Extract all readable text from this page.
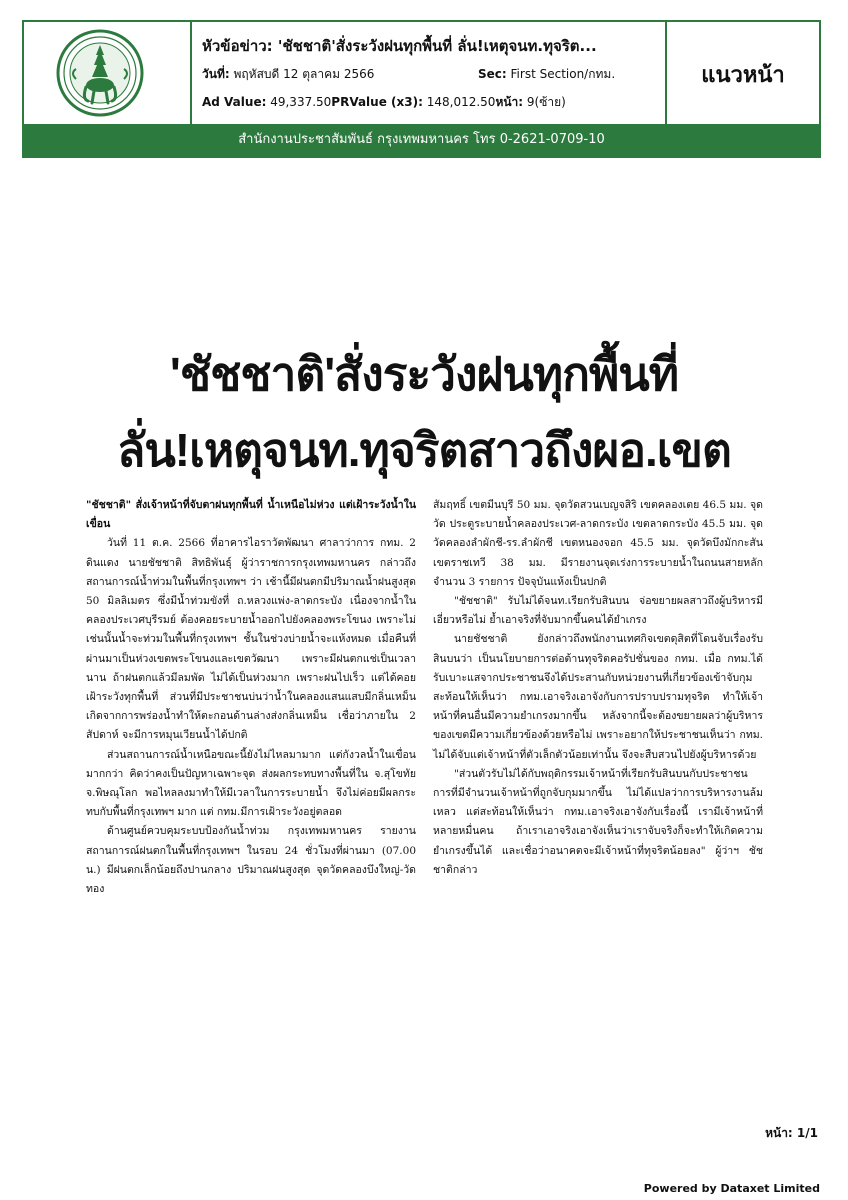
หัวข้อข่าว: 'ชัชชาติ'สั่งระวังฝนทุกพื้นที่ ลั่น!เหตุจนท.ทุจริต...
วันที่: พฤหัสบดี 12 ตุลาคม 2566	Sec: First Section/กทม.
Ad Value: 49,337.50PRValue (x3): 148,012.50หน้า: 9(ซ้าย)
แนวหน้า
สำนักงานประชาสัมพันธ์ กรุงเทพมหานคร โทร 0-2621-0709-10
'ชัชชาติ'สั่งระวังฝนทุกพื้นที่
ลั่น!เหตุจนท.ทุจริตสาวถึงผอ.เขต

"ชัชชาติ" สั่งเจ้าหน้าที่จับตาฝนทุกพื้นที่ น้ำเหนือไม่ห่วง แต่เฝ้าระวังน้ำในเขื่อน

วันที่ 11 ต.ค. 2566 ที่อาคารไอราวัตพัฒนา ศาลาว่าการ กทม. 2 ดินแดง นายชัชชาติ สิทธิพันธุ์ ผู้ว่าราชการกรุงเทพมหานคร กล่าวถึงสถานการณ์น้ำท่วมในพื้นที่กรุงเทพฯ ว่า เช้านี้มีฝนตกมีปริมาณน้ำฝนสูงสุด 50 มิลลิเมตร ซึ่งมีน้ำท่วมขังที่ ถ.หลวงแพ่ง-ลาดกระบัง เนื่องจากน้ำในคลองประเวศบุรีรมย์ ต้องคอยระบายน้ำออกไปยังคลองพระโขนง เพราะไม่เช่นนั้นน้ำจะท่วมในพื้นที่กรุงเทพฯ ชั้นในช่วงบ่ายน้ำจะแห้งหมด เมื่อคืนที่ผ่านมาเป็นห่วงเขตพระโขนงและเขตวัฒนา เพราะมีฝนตกแช่เป็นเวลานาน ถ้าฝนตกแล้วมีลมพัด ไม่ได้เป็นห่วงมาก เพราะฝนไปเร็ว แต่ได้คอยเฝ้าระวังทุกพื้นที่ ส่วนที่มีประชาชนบ่นว่าน้ำในคลองแสนแสบมีกลิ่นเหม็น เกิดจากการพร่องน้ำทำให้ตะกอนด้านล่างส่งกลิ่นเหม็น เชื่อว่าภายใน 2 สัปดาห์ จะมีการหมุนเวียนน้ำได้ปกติ

ส่วนสถานการณ์น้ำเหนือขณะนี้ยังไม่ไหลมามาก แต่กังวลน้ำในเขื่อนมากกว่า คิดว่าคงเป็นปัญหาเฉพาะจุด ส่งผลกระทบทางพื้นที่ใน จ.สุโขทัย จ.พิษณุโลก พอไหลลงมาทำให้มีเวลาในการระบายน้ำ จึงไม่ค่อยมีผลกระทบกับพื้นที่กรุงเทพฯ มาก แต่ กทม.มีการเฝ้าระวังอยู่ตลอด

ด้านศูนย์ควบคุมระบบป้องกันน้ำท่วม กรุงเทพมหานคร รายงานสถานการณ์ฝนตกในพื้นที่กรุงเทพฯ ในรอบ 24 ชั่วโมงที่ผ่านมา (07.00 น.) มีฝนตกเล็กน้อยถึงปานกลาง ปริมาณฝนสูงสุด จุดวัดคลองบึงใหญ่-วัดทอง

สัมฤทธิ์ เขตมีนบุรี 50 มม. จุดวัดสวนเบญจสิริ เขตคลองเตย 46.5 มม. จุดวัด ประตูระบายน้ำคลองประเวศ-ลาดกระบัง เขตลาดกระบัง 45.5 มม. จุดวัดคลองลำผักชี-รร.ลำผักชี เขตหนองจอก 45.5 มม. จุดวัดบึงมักกะสัน เขตราชเทวี 38 มม. มีรายงานจุดเร่งการระบายน้ำในถนนสายหลัก จำนวน 3 รายการ ปัจจุบันแห้งเป็นปกติ

"ชัชชาติ" รับไม่ได้จนท.เรียกรับสินบน จ่อขยายผลสาวถึงผู้บริหารมีเอี่ยวหรือไม่ ย้ำเอาจริงที่จับมากขึ้นคนได้ยำเกรง

นายชัชชาติ ยังกล่าวถึงพนักงานเทศกิจเขตดุสิตที่โดนจับเรื่องรับสินบนว่า เป็นนโยบายการต่อต้านทุจริตคอรัปชั่นของ กทม. เมื่อ กทม.ได้รับเบาะแสจากประชาชนจึงได้ประสานกับหน่วยงานที่เกี่ยวข้องเข้าจับกุม สะท้อนให้เห็นว่า กทม.เอาจริงเอาจังกับการปราบปรามทุจริต ทำให้เจ้าหน้าที่คนอื่นมีความยำเกรงมากขึ้น หลังจากนี้จะต้องขยายผลว่าผู้บริหารของเขตมีความเกี่ยวข้องด้วยหรือไม่ เพราะอยากให้ประชาชนเห็นว่า กทม. ไม่ได้จับแต่เจ้าหน้าที่ตัวเล็กตัวน้อยเท่านั้น จึงจะสืบสวนไปยังผู้บริหารด้วย

"ส่วนตัวรับไม่ได้กับพฤติกรรมเจ้าหน้าที่เรียกรับสินบนกับประชาชน การที่มีจำนวนเจ้าหน้าที่ถูกจับกุมมากขึ้น ไม่ได้แปลว่าการบริหารงานล้มเหลว แต่สะท้อนให้เห็นว่า กทม.เอาจริงเอาจังกับเรื่องนี้ เรามีเจ้าหน้าที่หลายหมื่นคน ถ้าเราเอาจริงเอาจังเห็นว่าเราจับจริงก็จะทำให้เกิดความยำเกรงขึ้นได้ และเชื่อว่าอนาคตจะมีเจ้าหน้าที่ทุจริตน้อยลง" ผู้ว่าฯ ชัชชาติกล่าว

หน้า: 1/1
Powered by Dataxet Limited
